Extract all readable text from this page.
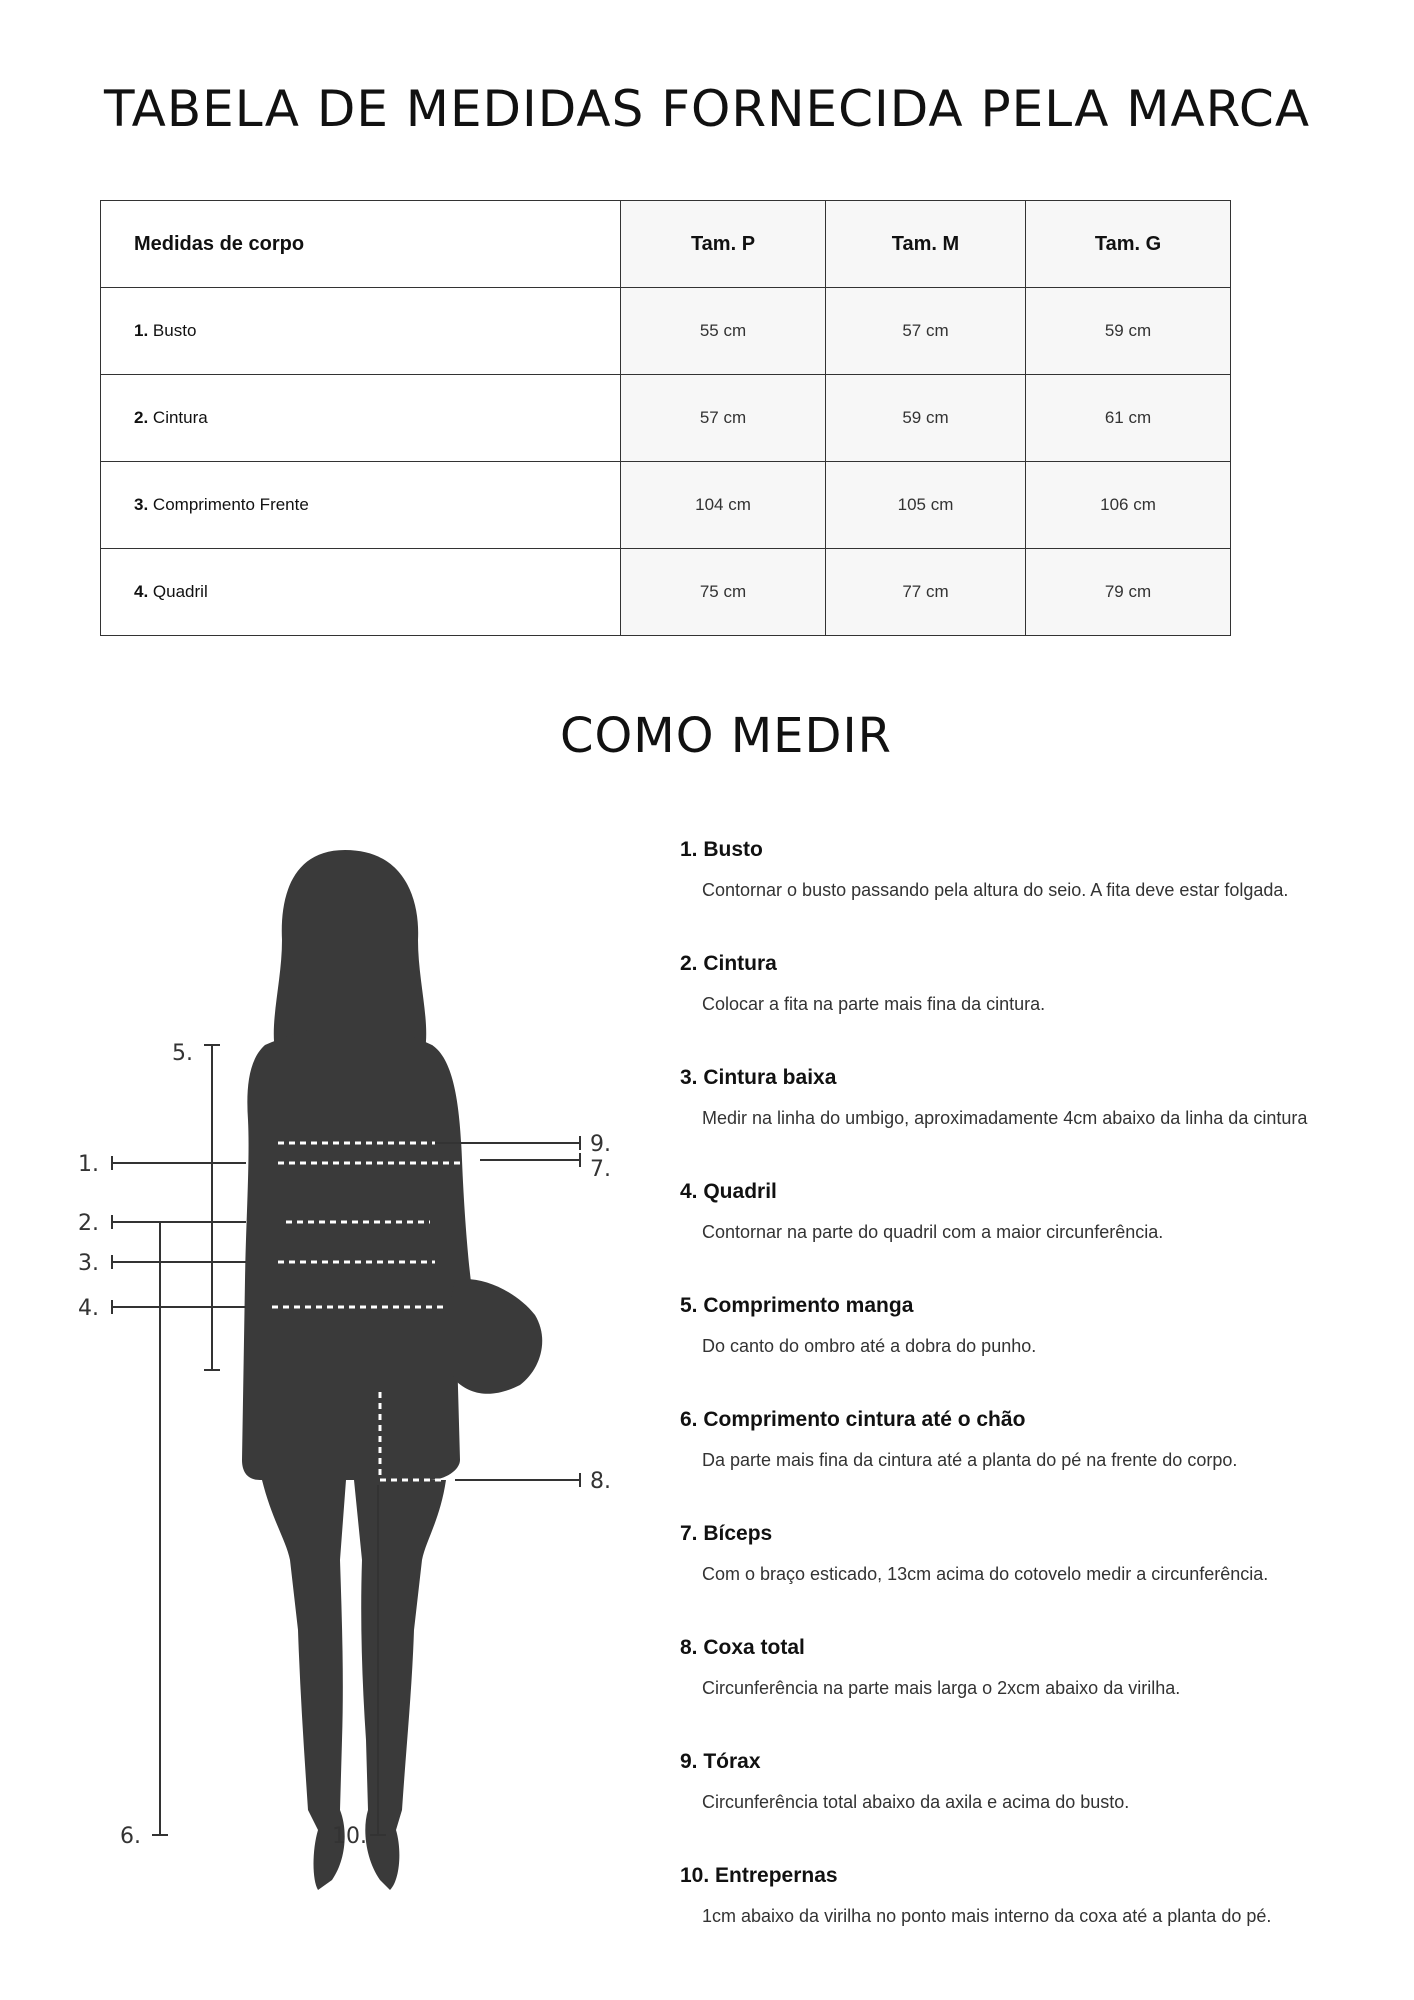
TABELA DE MEDIDAS FORNECIDA PELA MARCA
Medidas de corpo	Tam. P	Tam. M	Tam. G
1. Busto	55 cm	57 cm	59 cm
2. Cintura	57 cm	59 cm	61 cm
3. Comprimento Frente	104 cm	105 cm	106 cm
4. Quadril	75 cm	77 cm	79 cm
COMO MEDIR
5.
1.
2.
3.
4.
6.
9.
7.
8.
10.
1. Busto
Contornar o busto passando pela altura do seio. A fita deve estar folgada.
2. Cintura
Colocar a fita na parte mais fina da cintura.
3. Cintura baixa
Medir na linha do umbigo, aproximadamente 4cm abaixo da linha da cintura
4. Quadril
Contornar na parte do quadril com a maior circunferência.
5. Comprimento manga
Do canto do ombro até a dobra do punho.
6. Comprimento cintura até o chão
Da parte mais fina da cintura até a planta do pé na frente do corpo.
7. Bíceps
Com o braço esticado, 13cm acima do cotovelo medir a circunferência.
8. Coxa total
Circunferência na parte mais larga o 2xcm abaixo da virilha.
9. Tórax
Circunferência total abaixo da axila e acima do busto.
10. Entrepernas
1cm abaixo da virilha no ponto mais interno da coxa até a planta do pé.
